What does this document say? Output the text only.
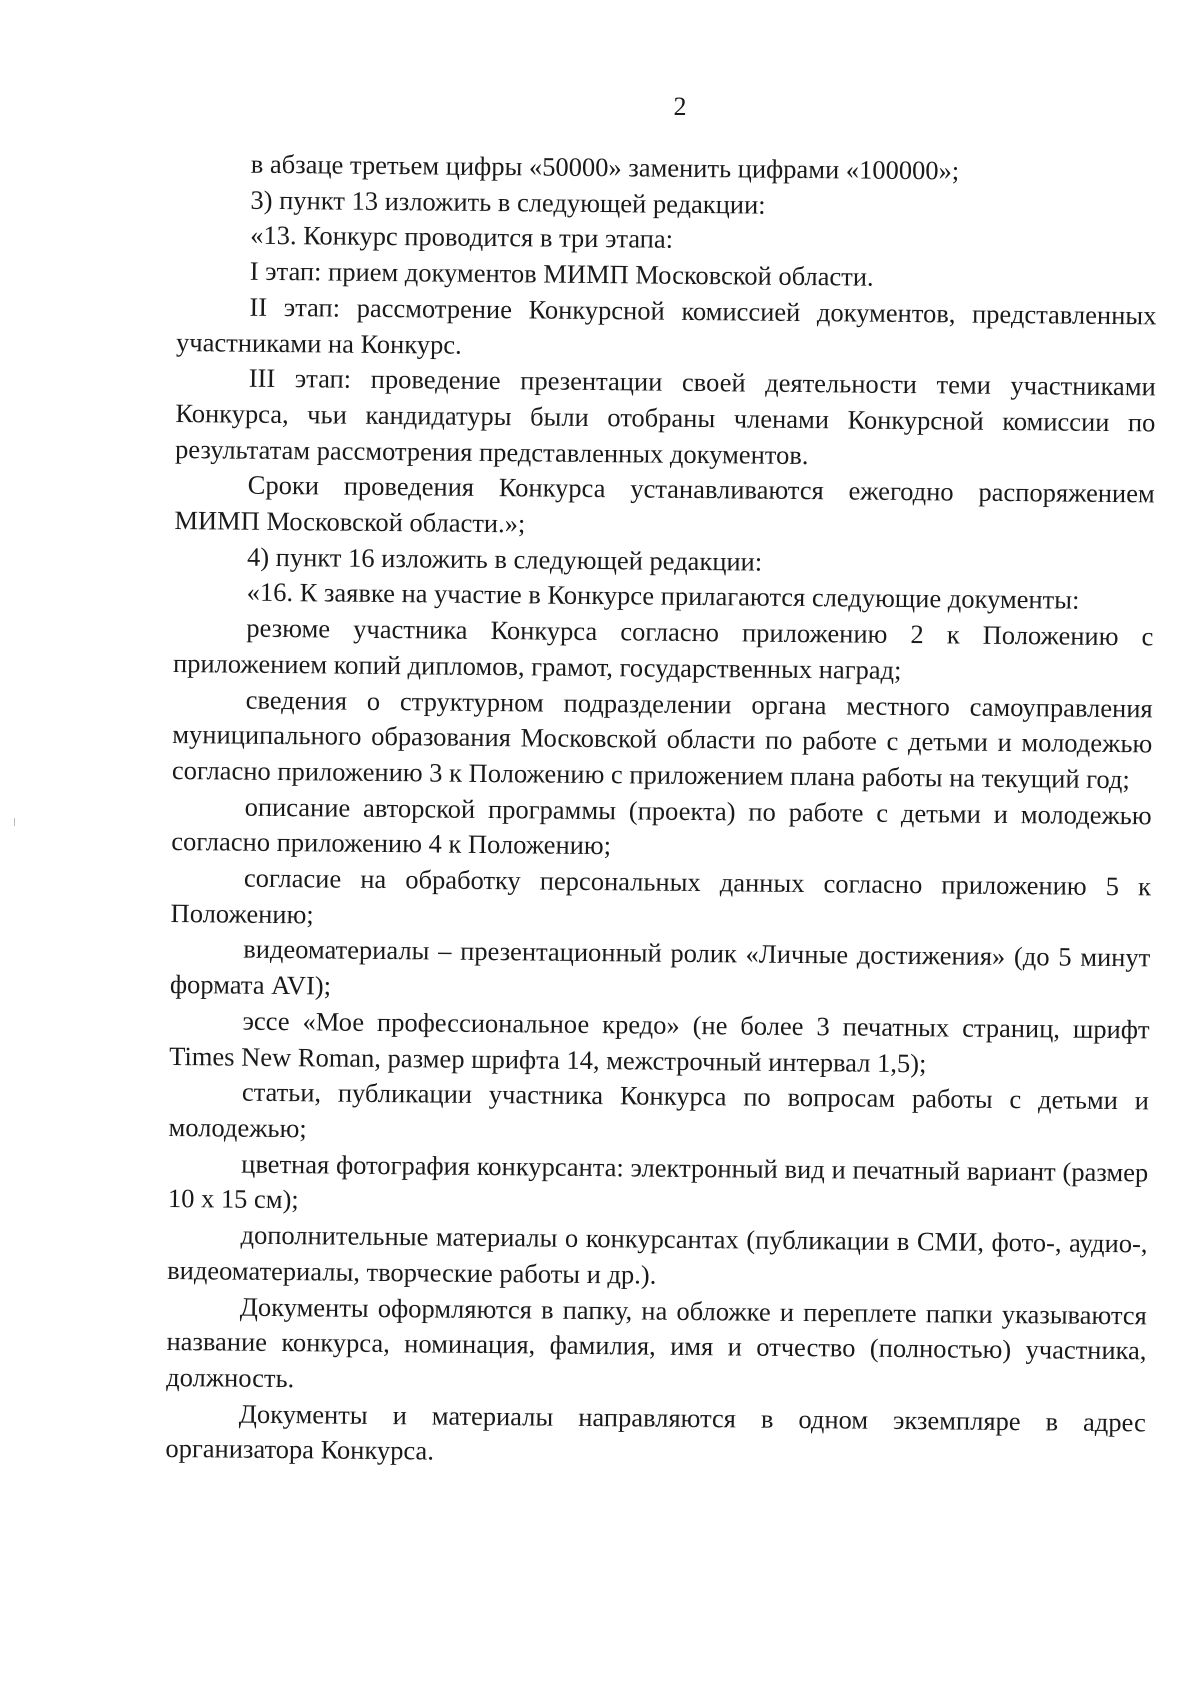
2

в абзаце третьем цифры «50000» заменить цифрами «100000»;

3) пункт 13 изложить в следующей редакции:

«13. Конкурс проводится в три этапа:

I этап: прием документов МИМП Московской области.

II этап: рассмотрение Конкурсной комиссией документов, представленных участниками на Конкурс.

III этап: проведение презентации своей деятельности теми участниками Конкурса, чьи кандидатуры были отобраны членами Конкурсной комиссии по результатам рассмотрения представленных документов.

Сроки проведения Конкурса устанавливаются ежегодно распоряжением МИМП Московской области.»;

4) пункт 16 изложить в следующей редакции:

«16. К заявке на участие в Конкурсе прилагаются следующие документы:

резюме участника Конкурса согласно приложению 2 к Положению с приложением копий дипломов, грамот, государственных наград;

сведения о структурном подразделении органа местного самоуправления муниципального образования Московской области по работе с детьми и молодежью согласно приложению 3 к Положению с приложением плана работы на текущий год;

описание авторской программы (проекта) по работе с детьми и молодежью согласно приложению 4 к Положению;

согласие на обработку персональных данных согласно приложению 5 к Положению;

видеоматериалы – презентационный ролик «Личные достижения» (до 5 минут формата AVI);

эссе «Мое профессиональное кредо» (не более 3 печатных страниц, шрифт Times New Roman, размер шрифта 14, межстрочный интервал 1,5);

статьи, публикации участника Конкурса по вопросам работы с детьми и молодежью;

цветная фотография конкурсанта: электронный вид и печатный вариант (размер 10 x 15 см);

дополнительные материалы о конкурсантах (публикации в СМИ, фото-, аудио-, видеоматериалы, творческие работы и др.).

Документы оформляются в папку, на обложке и переплете папки указываются название конкурса, номинация, фамилия, имя и отчество (полностью) участника, должность.

Документы и материалы направляются в одном экземпляре в адрес организатора Конкурса.
